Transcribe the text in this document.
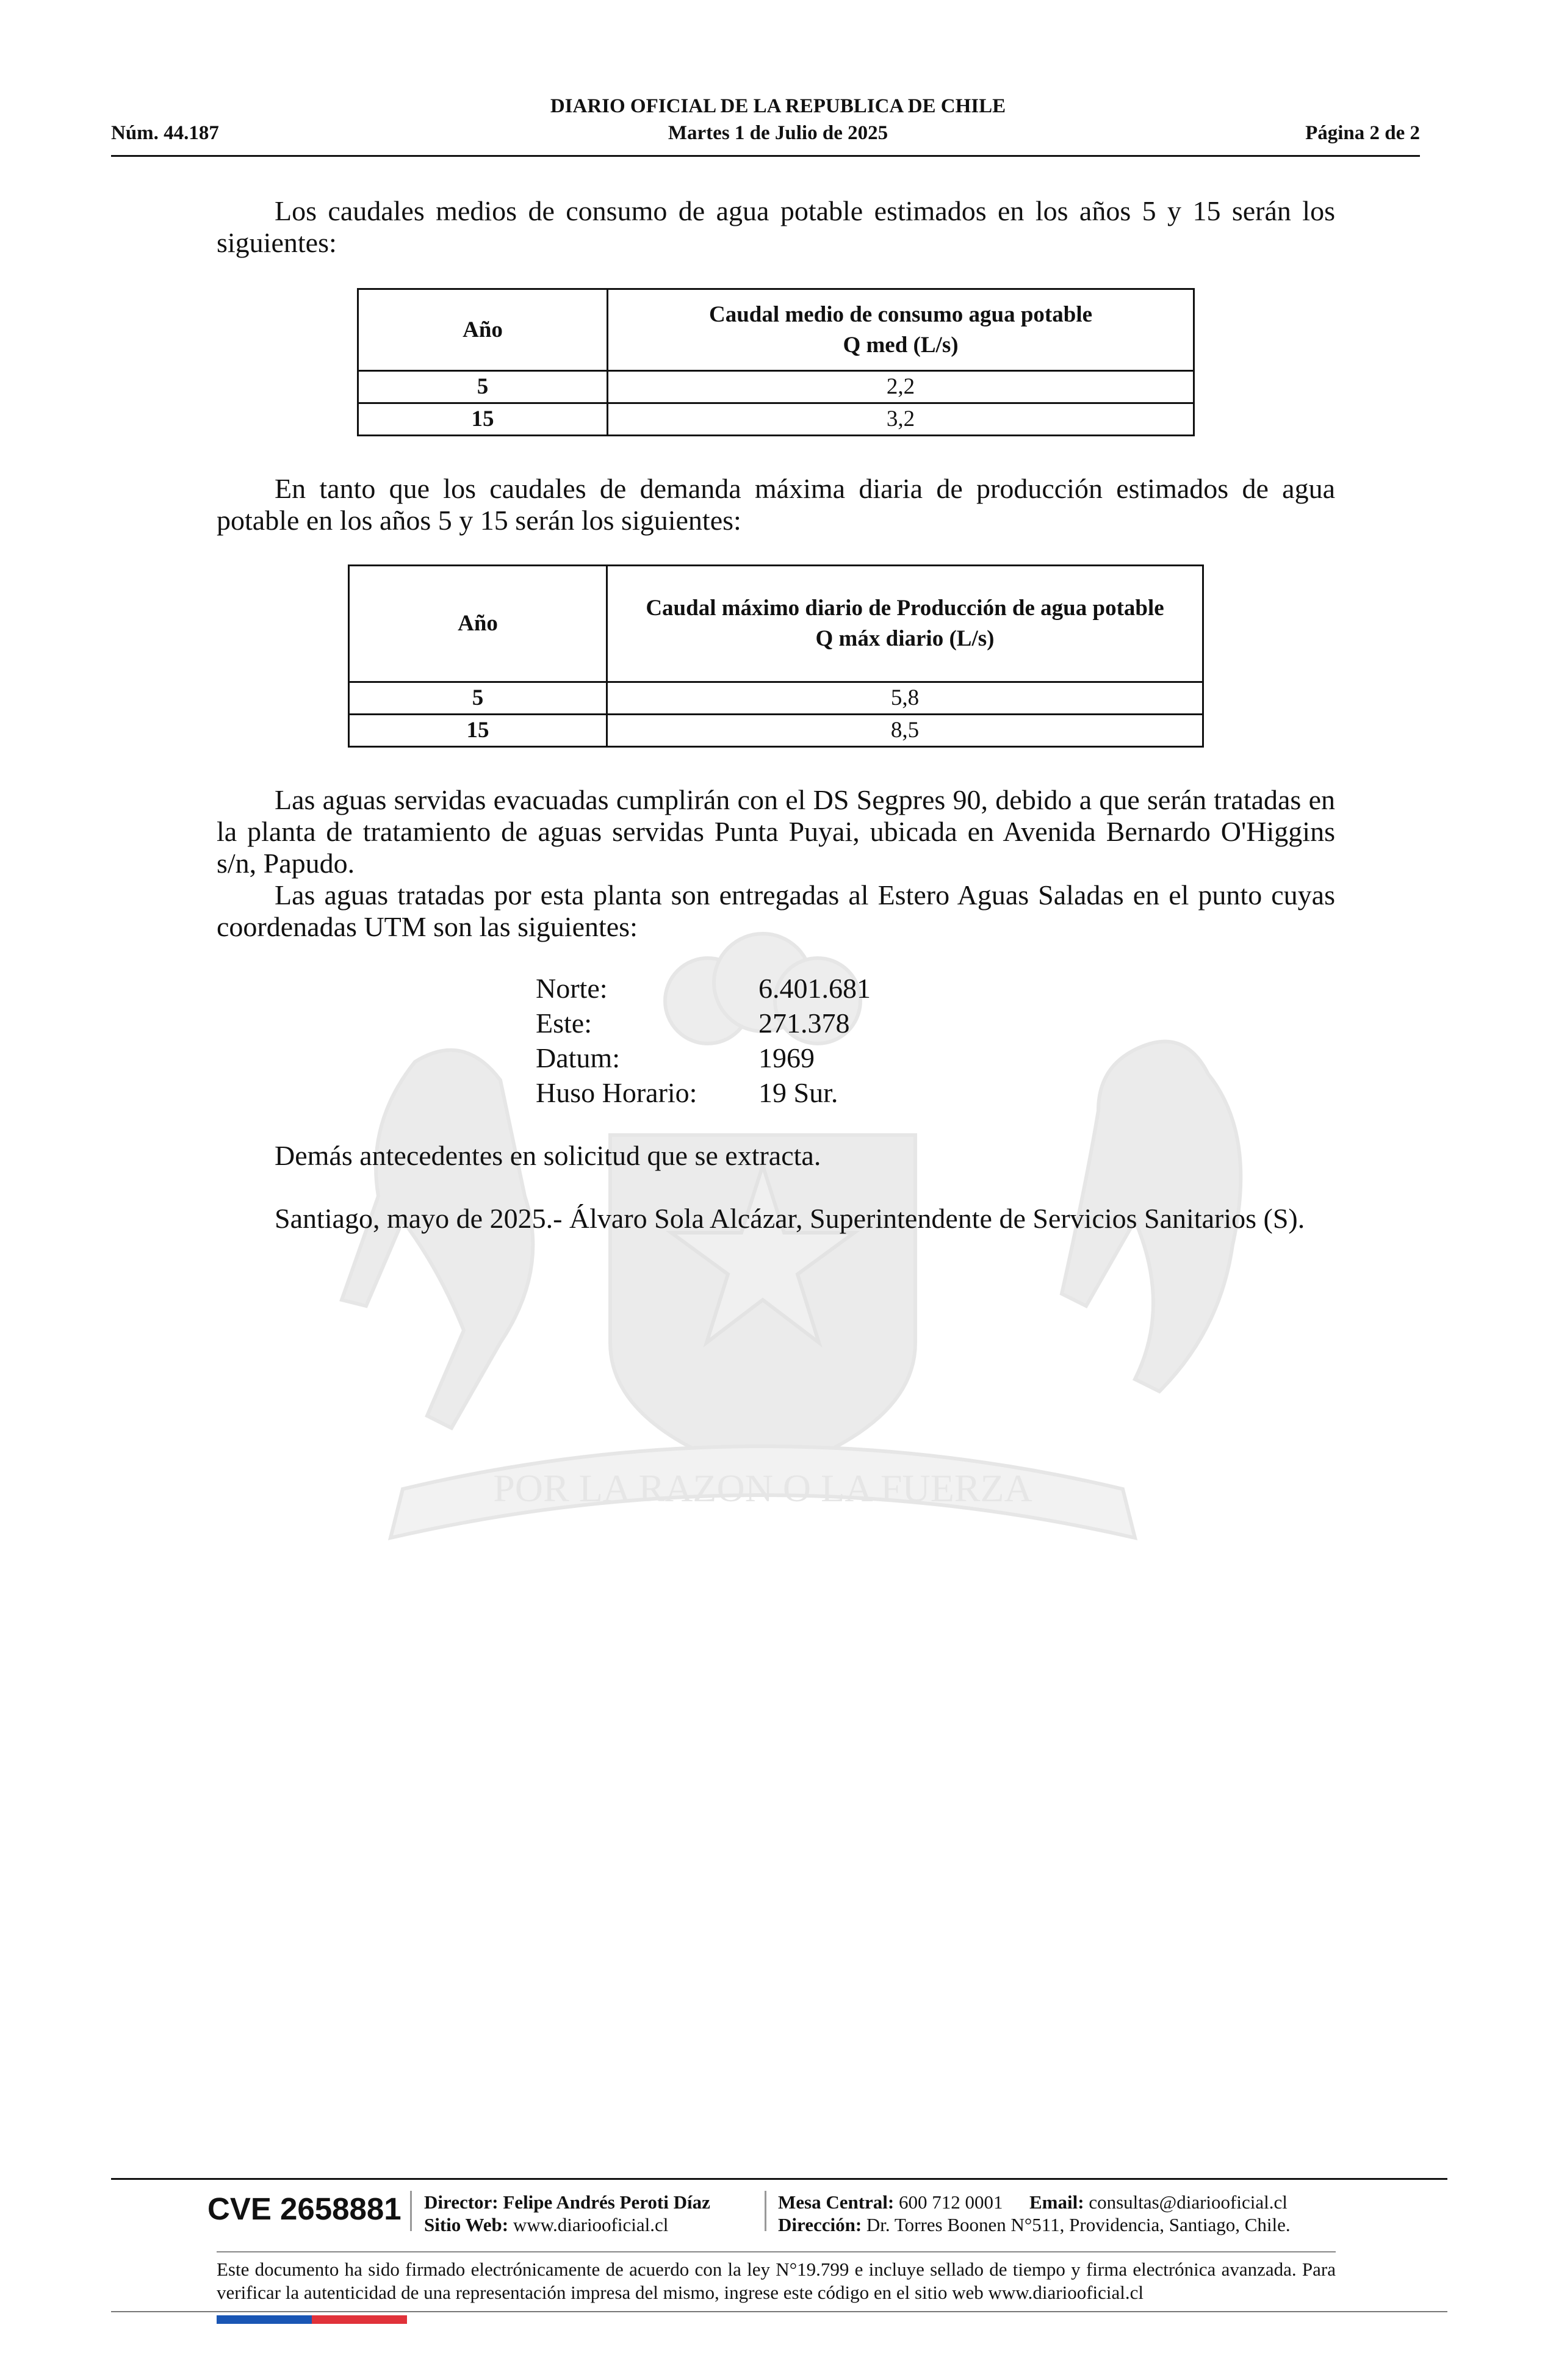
POR LA RAZON O LA FUERZA
DIARIO OFICIAL DE LA REPUBLICA DE CHILE
Núm. 44.187	Martes 1 de Julio de 2025	Página 2 de 2
Los caudales medios de consumo de agua potable estimados en los años 5 y 15 serán los siguientes:
Año	Caudal medio de consumo agua potable
Q med (L/s)

5	2,2
15	3,2
En tanto que los caudales de demanda máxima diaria de producción estimados de agua potable en los años 5 y 15 serán los siguientes:
Año	Caudal máximo diario de Producción de agua potable
Q máx diario (L/s)

5	5,8
15	8,5
Las aguas servidas evacuadas cumplirán con el DS Segpres 90, debido a que serán tratadas en la planta de tratamiento de aguas servidas Punta Puyai, ubicada en Avenida Bernardo O'Higgins s/n, Papudo.
Las aguas tratadas por esta planta son entregadas al Estero Aguas Saladas en el punto cuyas coordenadas UTM son las siguientes:
Norte:	6.401.681
Este:	271.378
Datum:	1969
Huso Horario: 19 Sur.
Demás antecedentes en solicitud que se extracta.
Santiago, mayo de 2025.- Álvaro Sola Alcázar, Superintendente de Servicios Sanitarios (S).
CVE 2658881 Director: Felipe Andrés Peroti Díaz
Sitio Web: www.diariooficial.cl
Mesa Central: 600 712 0001 Email: consultas@diariooficial.cl
Dirección: Dr. Torres Boonen N°511, Providencia, Santiago, Chile.
Este documento ha sido firmado electrónicamente de acuerdo con la ley N°19.799 e incluye sellado de tiempo y firma electrónica avanzada. Para verificar la autenticidad de una representación impresa del mismo, ingrese este código en el sitio web www.diariooficial.cl
